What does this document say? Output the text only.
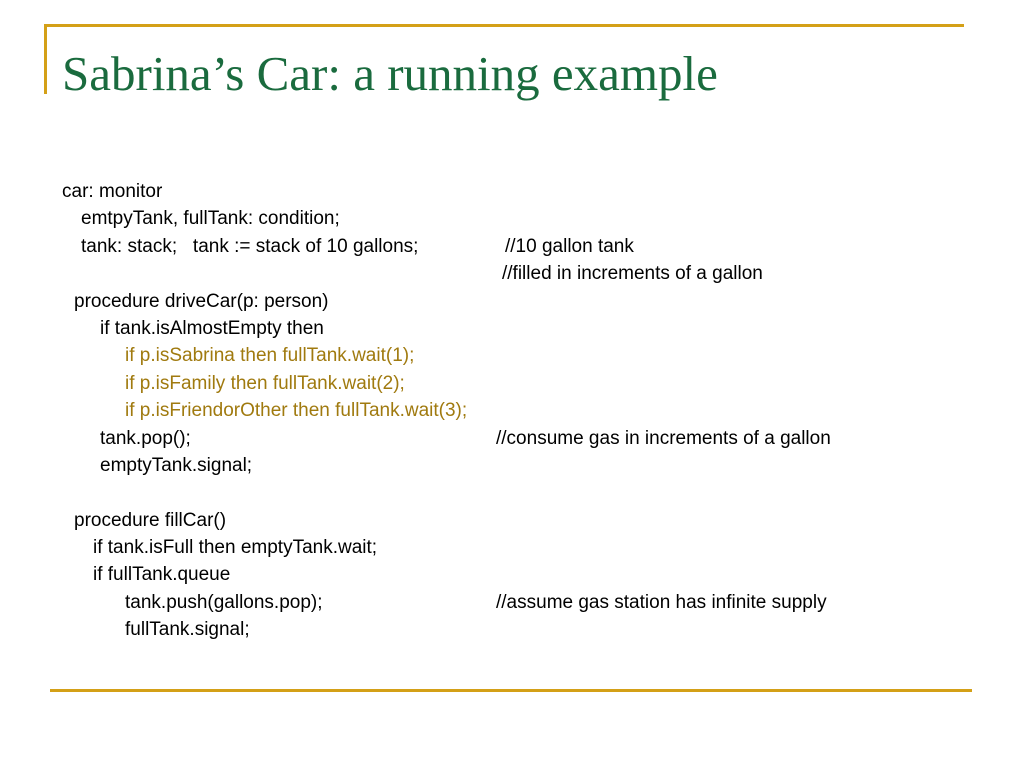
Sabrina’s Car: a running example
car: monitor
emtpyTank, fullTank: condition;
tank: stack;   tank := stack of 10 gallons;	//10 gallon tank
//filled in increments of a gallon
procedure driveCar(p: person)
if tank.isAlmostEmpty then
if p.isSabrina then fullTank.wait(1);
if p.isFamily then fullTank.wait(2);
if p.isFriendorOther then fullTank.wait(3);
tank.pop();	//consume gas in increments of a gallon
emptyTank.signal;
procedure fillCar()
if tank.isFull then emptyTank.wait;
if fullTank.queue
tank.push(gallons.pop);	//assume gas station has infinite supply
fullTank.signal;
